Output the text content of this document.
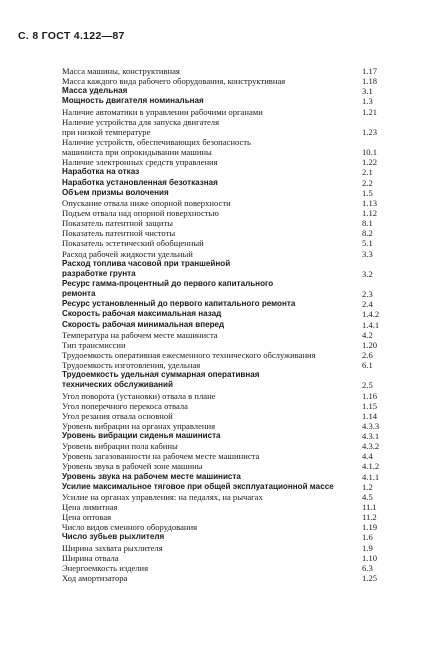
С. 8 ГОСТ 4.122—87
Масса машины, конструктивная	1.17
Масса каждого вида рабочего оборудования, конструктивная	1.18
Масса удельная	3.1
Мощность двигателя номинальная	1.3
Наличие автоматики в управлении рабочими органами	1.21
Наличие устройства для запуска двигателя
при низкой температуре	1.23
Наличие устройств, обеспечивающих безопасность
машиниста при опрокидывании машины	10.1
Наличие электронных средств управления	1.22
Наработка на отказ	2.1
Наработка установленная безотказная	2.2
Объем призмы волочения	1.5
Опускание отвала ниже опорной поверхности	1.13
Подъем отвала над опорной поверхностью	1.12
Показатель патентной защиты	8.1
Показатель патентной чистоты	8.2
Показатель эстетический обобщенный	5.1
Расход рабочей жидкости удельный	3.3
Расход топлива часовой при траншейной
разработке грунта	3.2
Ресурс гамма-процентный до первого капитального
ремонта	2.3
Ресурс установленный до первого капитального ремонта	2.4
Скорость рабочая максимальная назад	1.4.2
Скорость рабочая минимальная вперед	1.4.1
Температура на рабочем месте машиниста	4.2
Тип трансмиссии	1.20
Трудоемкость оперативная ежесменного технического обслуживания	2.6
Трудоемкость изготовления, удельная	6.1
Трудоемкость удельная суммарная оперативная
технических обслуживаний	2.5
Угол поворота (установки) отвала в плане	1.16
Угол поперечного перекоса отвала	1.15
Угол резания отвала основной	1.14
Уровень вибрации на органах управления	4.3.3
Уровень вибрации сиденья машиниста	4.3.1
Уровень вибрации пола кабины	4.3.2
Уровень загазованности на рабочем месте машиниста	4.4
Уровень звука в рабочей зоне машины	4.1.2
Уровень звука на рабочем месте машиниста	4.1.1
Усилие максимальное тяговое при общей эксплуатационной массе	1.2
Усилие на органах управления: на педалях, на рычагах	4.5
Цена лимитная	11.1
Цена оптовая	11.2
Число видов сменного оборудования	1.19
Число зубьев рыхлителя	1.6
Ширина захвата рыхлителя	1.9
Ширина отвала	1.10
Энергоемкость изделия	6.3
Ход амортизатора	1.25
